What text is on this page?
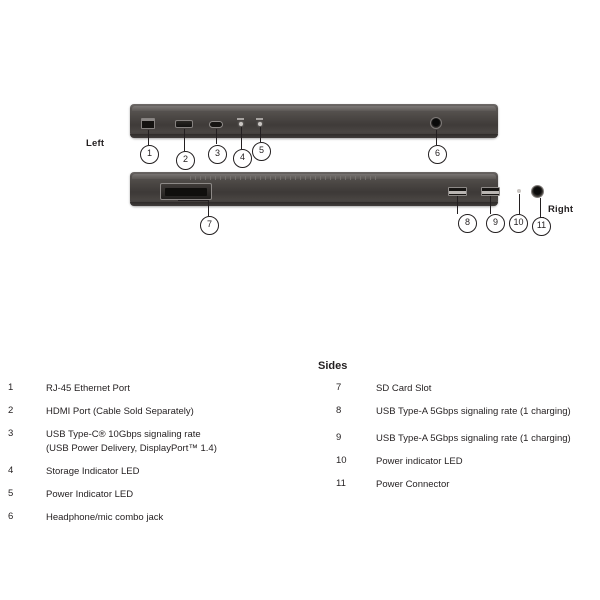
Left
Right
1
2
3	4
5	6
7	8	9	10	11
Sides
1	RJ-45 Ethernet Port
2	HDMI Port (Cable Sold Separately)
3	USB Type-C® 10Gbps signaling rate
(USB Power Delivery, DisplayPort™ 1.4)
4	Storage Indicator LED
5	Power Indicator LED
6	Headphone/mic combo jack
7	SD Card Slot
8	USB Type-A 5Gbps signaling rate (1 charging)
9	USB Type-A 5Gbps signaling rate (1 charging)
10	Power indicator LED
11	Power Connector
